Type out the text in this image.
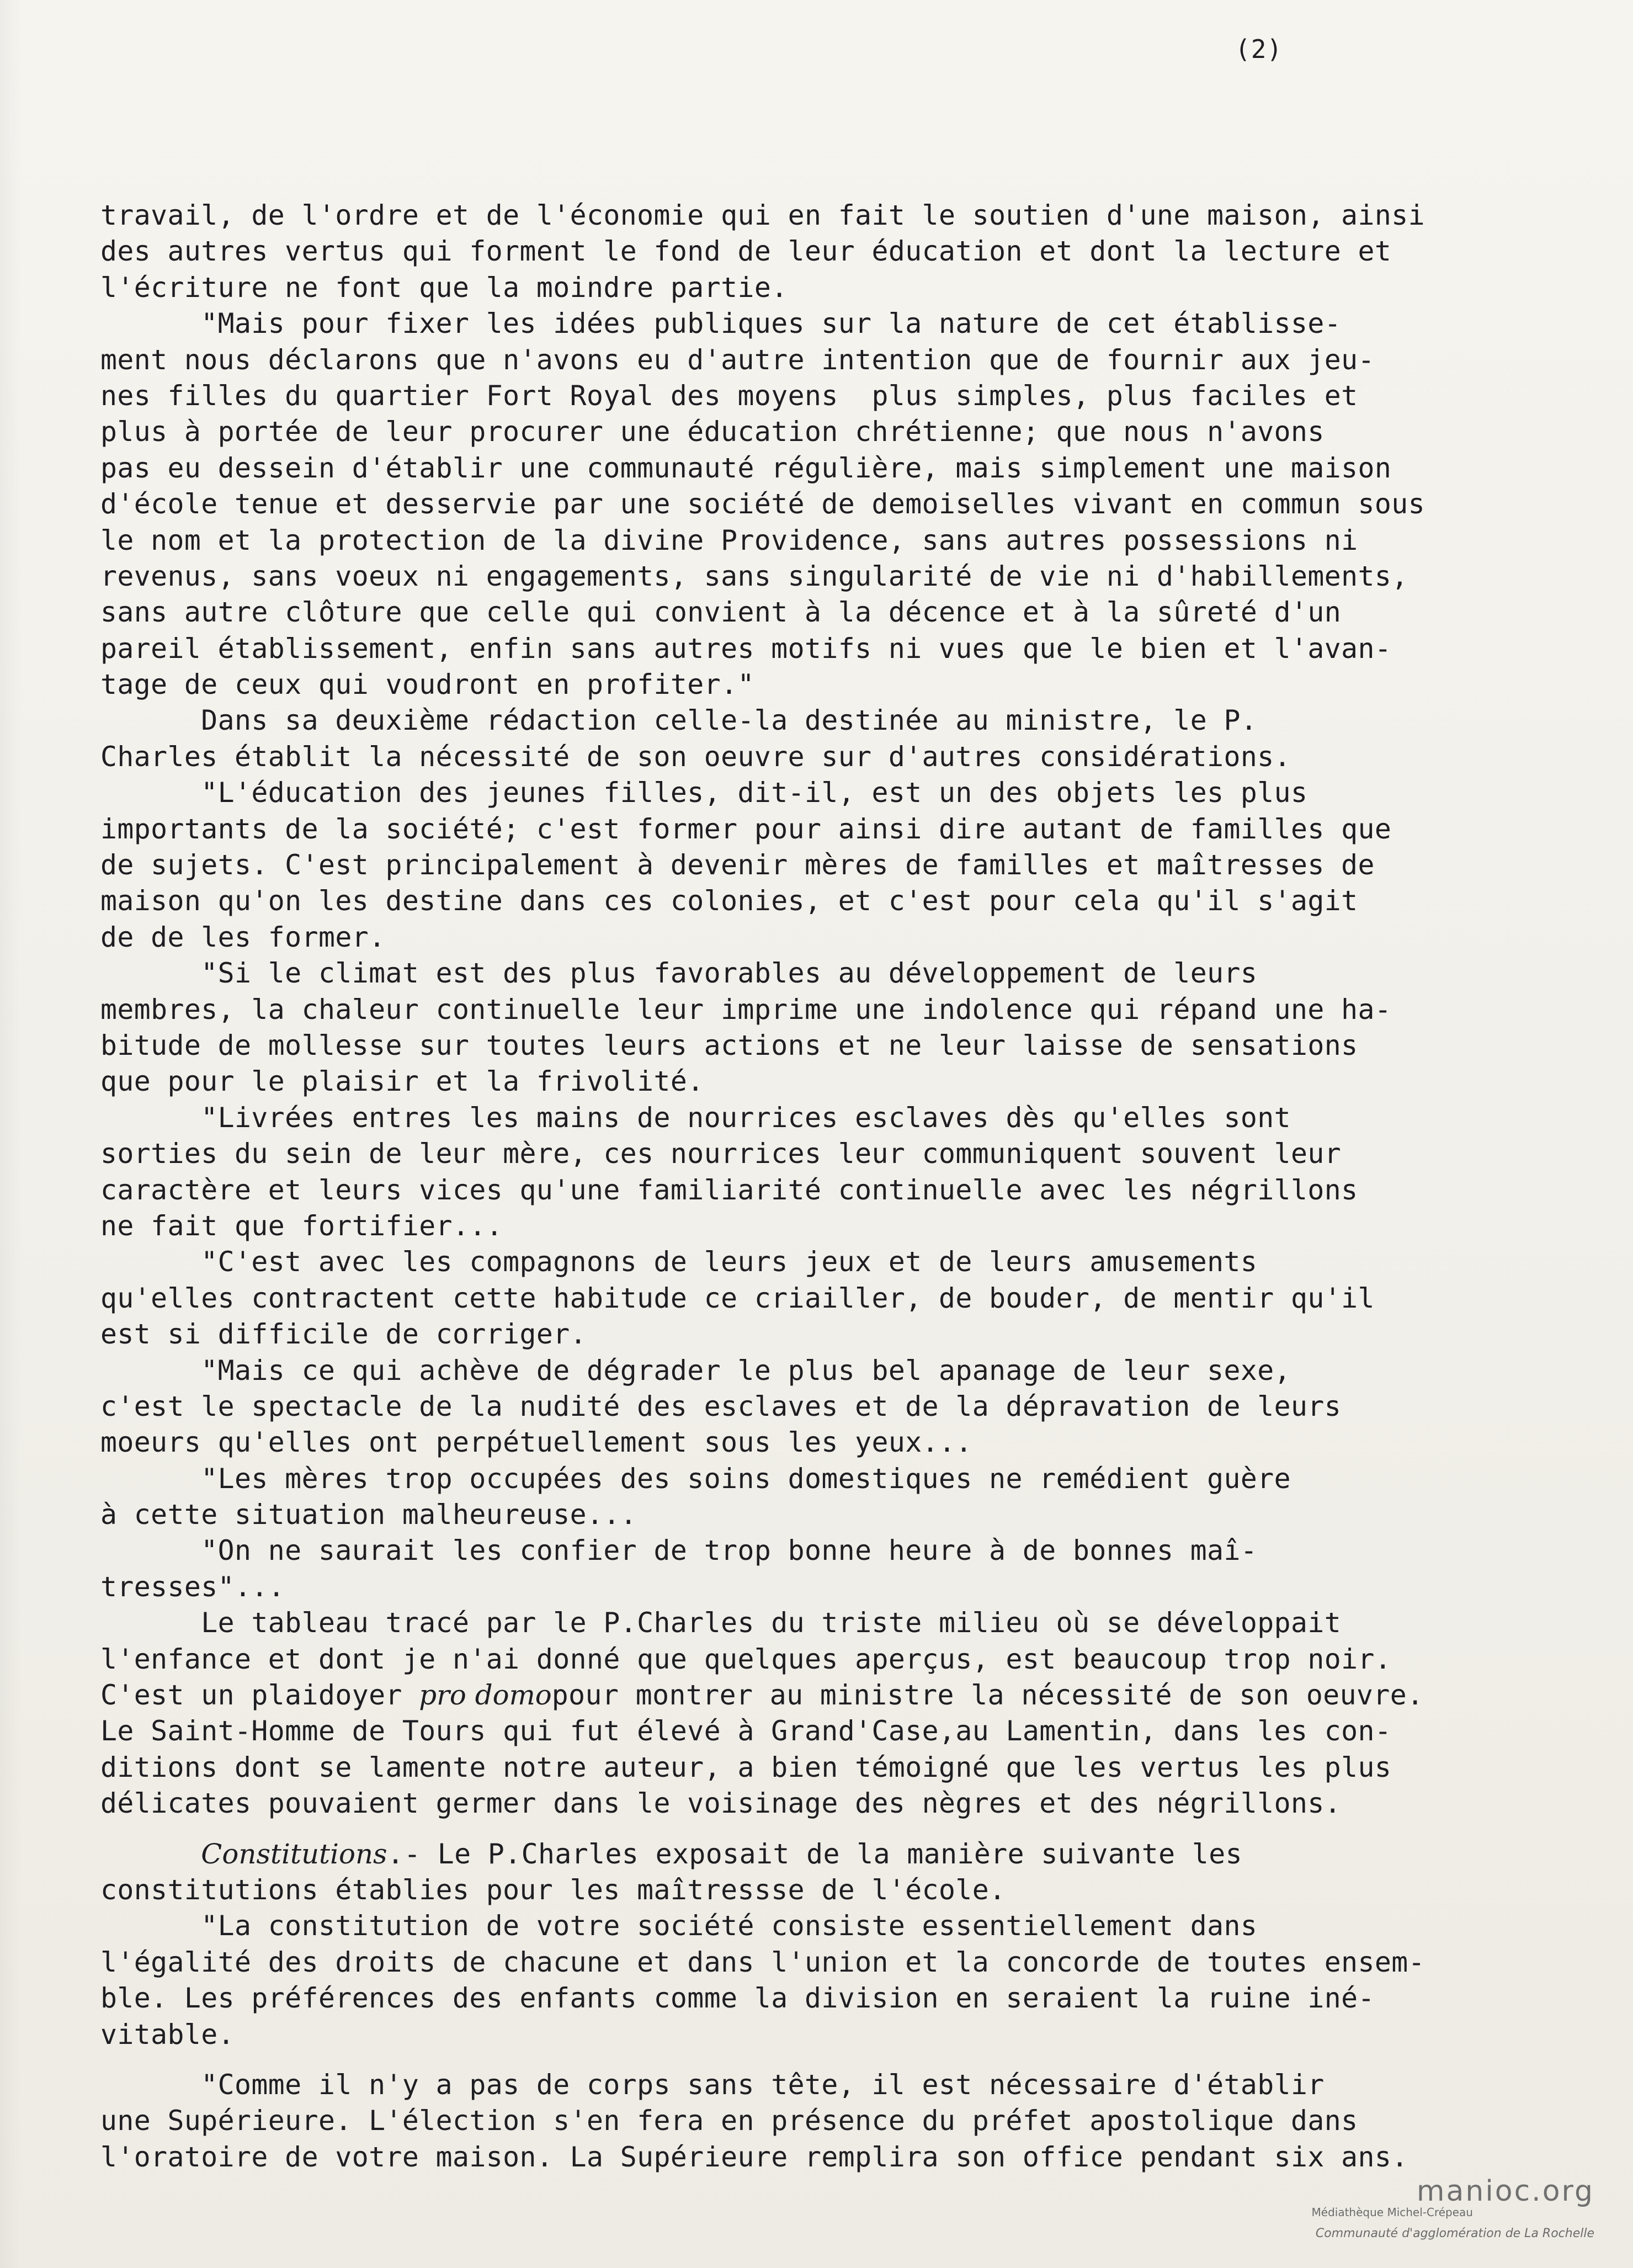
(2)
travail, de l'ordre et de l'économie qui en fait le soutien d'une maison, ainsi
des autres vertus qui forment le fond de leur éducation et dont la lecture et
l'écriture ne font que la moindre partie.
"Mais pour fixer les idées publiques sur la nature de cet établisse-
ment nous déclarons que n'avons eu d'autre intention que de fournir aux jeu-
nes filles du quartier Fort Royal des moyens  plus simples, plus faciles et
plus à portée de leur procurer une éducation chrétienne; que nous n'avons
pas eu dessein d'établir une communauté régulière, mais simplement une maison
d'école tenue et desservie par une société de demoiselles vivant en commun sous
le nom et la protection de la divine Providence, sans autres possessions ni
revenus, sans voeux ni engagements, sans singularité de vie ni d'habillements,
sans autre clôture que celle qui convient à la décence et à la sûreté d'un
pareil établissement, enfin sans autres motifs ni vues que le bien et l'avan-
tage de ceux qui voudront en profiter."
Dans sa deuxième rédaction celle-la destinée au ministre, le P.
Charles établit la nécessité de son oeuvre sur d'autres considérations.
"L'éducation des jeunes filles, dit-il, est un des objets les plus
importants de la société; c'est former pour ainsi dire autant de familles que
de sujets. C'est principalement à devenir mères de familles et maîtresses de
maison qu'on les destine dans ces colonies, et c'est pour cela qu'il s'agit
de de les former.
"Si le climat est des plus favorables au développement de leurs
membres, la chaleur continuelle leur imprime une indolence qui répand une ha-
bitude de mollesse sur toutes leurs actions et ne leur laisse de sensations
que pour le plaisir et la frivolité.
"Livrées entres les mains de nourrices esclaves dès qu'elles sont
sorties du sein de leur mère, ces nourrices leur communiquent souvent leur
caractère et leurs vices qu'une familiarité continuelle avec les négrillons
ne fait que fortifier...
"C'est avec les compagnons de leurs jeux et de leurs amusements
qu'elles contractent cette habitude ce criailler, de bouder, de mentir qu'il
est si difficile de corriger.
"Mais ce qui achève de dégrader le plus bel apanage de leur sexe,
c'est le spectacle de la nudité des esclaves et de la dépravation de leurs
moeurs qu'elles ont perpétuellement sous les yeux...
"Les mères trop occupées des soins domestiques ne remédient guère
à cette situation malheureuse...
"On ne saurait les confier de trop bonne heure à de bonnes maî-
tresses"...
Le tableau tracé par le P.Charles du triste milieu où se développait
l'enfance et dont je n'ai donné que quelques aperçus, est beaucoup trop noir.
C'est un plaidoyer pro domopour montrer au ministre la nécessité de son oeuvre.
Le Saint-Homme de Tours qui fut élevé à Grand'Case,au Lamentin, dans les con-
ditions dont se lamente notre auteur, a bien témoigné que les vertus les plus
délicates pouvaient germer dans le voisinage des nègres et des négrillons.
Constitutions.- Le P.Charles exposait de la manière suivante les
constitutions établies pour les maîtressse de l'école.
"La constitution de votre société consiste essentiellement dans
l'égalité des droits de chacune et dans l'union et la concorde de toutes ensem-
ble. Les préférences des enfants comme la division en seraient la ruine iné-
vitable.
"Comme il n'y a pas de corps sans tête, il est nécessaire d'établir
une Supérieure. L'élection s'en fera en présence du préfet apostolique dans
l'oratoire de votre maison. La Supérieure remplira son office pendant six ans.
manioc.org
Médiathèque Michel-Crépeau
Communauté d'agglomération de La Rochelle
